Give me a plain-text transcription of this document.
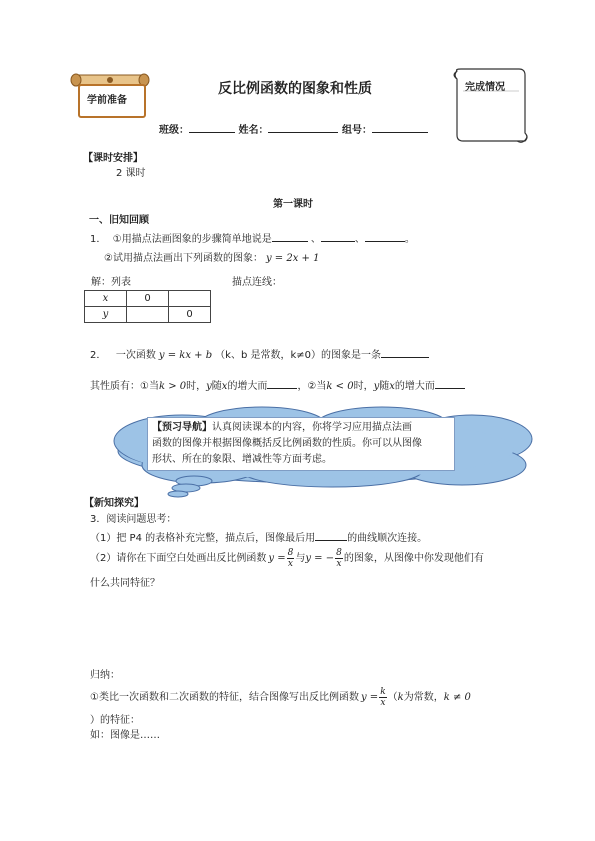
学前准备
反比例函数的图象和性质	完成情况
班级：	姓名：	组号：
【课时安排】
2 课时
第一课时
一、旧知回顾
1． ①用描点法画图象的步骤简单地说是	、	、	。
②试用描点法画出下列函数的图象： y = 2x + 1
解：列表	描点连线：
x	0	
y		0
2． 一次函数 y = kx + b （k、b 是常数，k≠0）的图象是一条
其性质有：①当k > 0时，y随x的增大而	，②当k < 0时，y随x的增大而
【预习导航】认真阅读课本的内容，你将学习应用描点法画
函数的图像并根据图像概括反比例函数的性质。你可以从图像
形状、所在的象限、增减性等方面考虑。
【新知探究】
3．阅读问题思考：
（1）把 P4 的表格补充完整，描点后，图像最后用	的曲线顺次连接。
（2）请你在下面空白处画出反比例函数 $y = \frac{8}{x}$ 与y = − $\frac{8}{x}$ 的图象，从图像中你发现他们有
什么共同特征？
归纳：
①类比一次函数和二次函数的特征，结合图像写出反比例函数 $y = \frac{k}{x} (k$为常数，k ≠ 0
）的特征：
如：图像是……
